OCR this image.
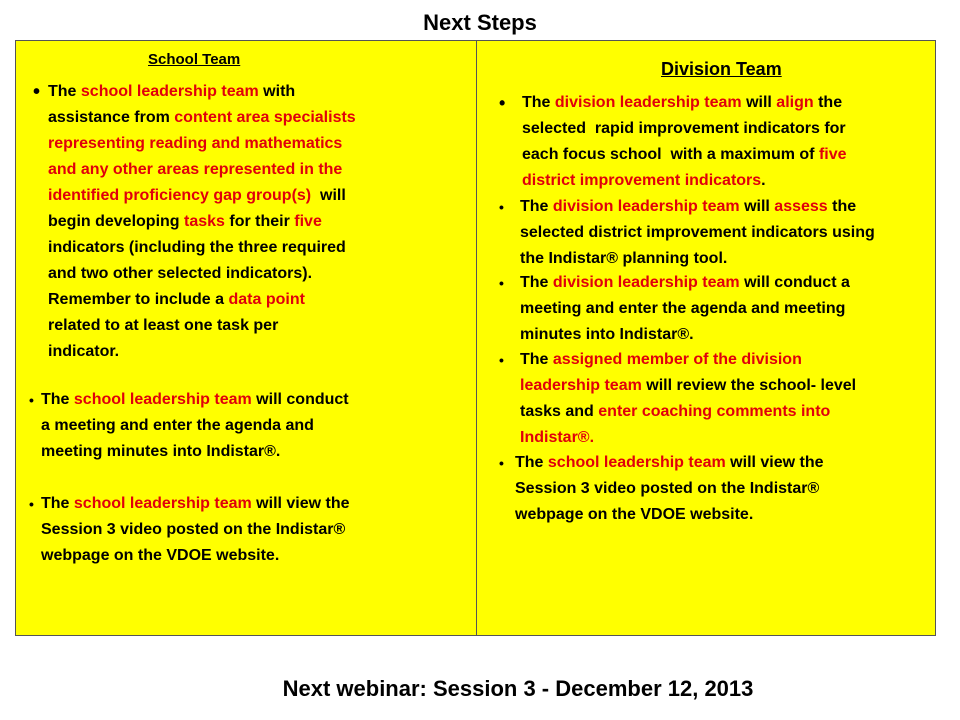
Next Steps
School Team
• The school leadership team with
assistance from content area specialists
representing reading and mathematics
and any other areas represented in the
identified proficiency gap group(s)  will
begin developing tasks for their five
indicators (including the three required
and two other selected indicators).
Remember to include a data point
related to at least one task per
indicator.
• The school leadership team will conduct
a meeting and enter the agenda and
meeting minutes into Indistar®.
• The school leadership team will view the
Session 3 video posted on the Indistar®
webpage on the VDOE website.
Division Team
• The division leadership team will align the
selected  rapid improvement indicators for
each focus school  with a maximum of five
district improvement indicators.
• The division leadership team will assess the
selected district improvement indicators using
the Indistar® planning tool.
• The division leadership team will conduct a
meeting and enter the agenda and meeting
minutes into Indistar®.
• The assigned member of the division
leadership team will review the school- level
tasks and enter coaching comments into
Indistar®.
• The school leadership team will view the
Session 3 video posted on the Indistar®
webpage on the VDOE website.
Next webinar: Session 3 - December 12, 2013
